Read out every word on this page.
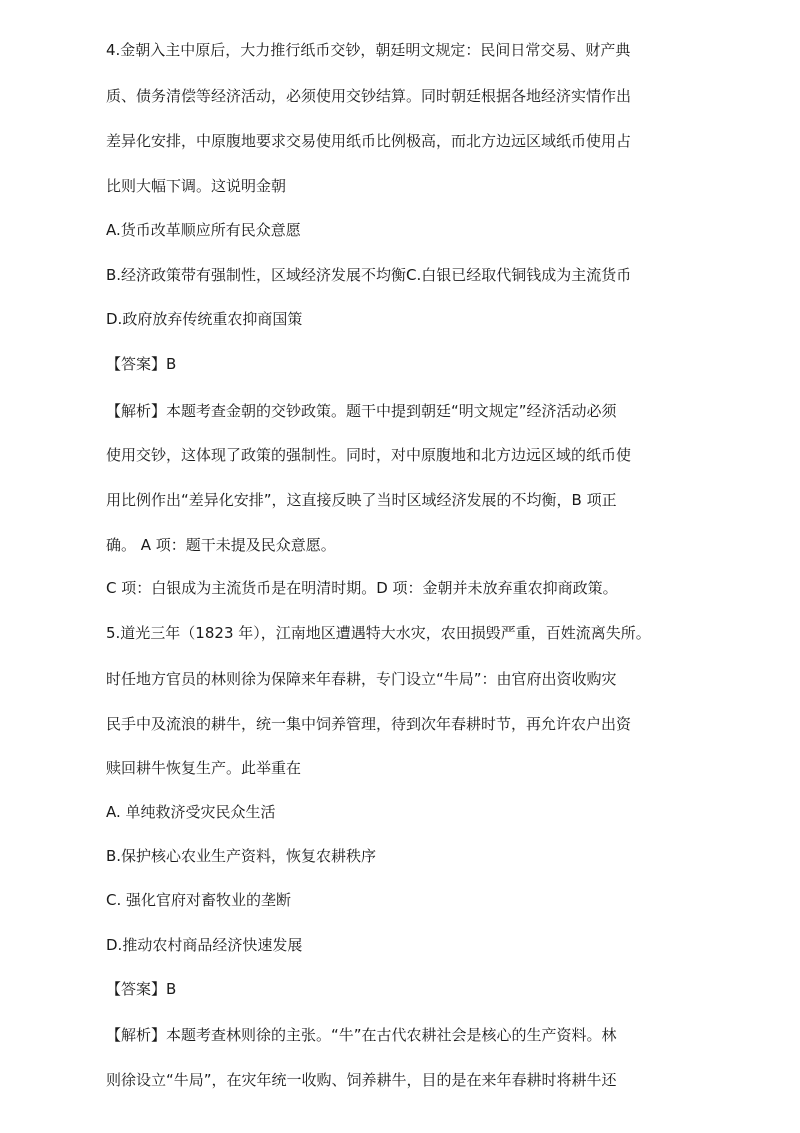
4.金朝入主中原后，大力推行纸币交钞，朝廷明文规定：民间日常交易、财产典
质、债务清偿等经济活动，必须使用交钞结算。同时朝廷根据各地经济实情作出
差异化安排，中原腹地要求交易使用纸币比例极高，而北方边远区域纸币使用占
比则大幅下调。这说明金朝
A.货币改革顺应所有民众意愿
B.经济政策带有强制性，区域经济发展不均衡C.白银已经取代铜钱成为主流货币
D.政府放弃传统重农抑商国策
【答案】B
【解析】本题考查金朝的交钞政策。题干中提到朝廷“明文规定”经济活动必须
使用交钞，这体现了政策的强制性。同时，对中原腹地和北方边远区域的纸币使
用比例作出“差异化安排”，这直接反映了当时区域经济发展的不均衡，B 项正
确。 A 项：题干未提及民众意愿。
C 项：白银成为主流货币是在明清时期。D 项：金朝并未放弃重农抑商政策。
5.道光三年（1823 年），江南地区遭遇特大水灾，农田损毁严重，百姓流离失所。
时任地方官员的林则徐为保障来年春耕，专门设立“牛局”：由官府出资收购灾
民手中及流浪的耕牛，统一集中饲养管理，待到次年春耕时节，再允许农户出资
赎回耕牛恢复生产。此举重在
A. 单纯救济受灾民众生活
B.保护核心农业生产资料，恢复农耕秩序
C. 强化官府对畜牧业的垄断
D.推动农村商品经济快速发展
【答案】B
【解析】本题考查林则徐的主张。“牛”在古代农耕社会是核心的生产资料。林
则徐设立“牛局”，在灾年统一收购、饲养耕牛，目的是在来年春耕时将耕牛还
